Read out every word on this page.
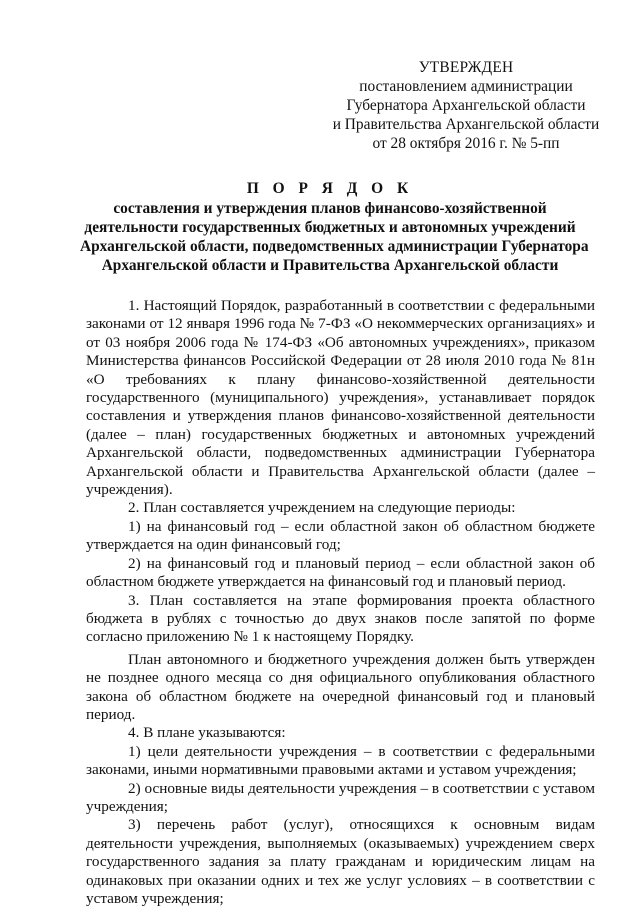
УТВЕРЖДЕН
постановлением администрации
Губернатора Архангельской области
и Правительства Архангельской области
от 28 октября 2016 г. № 5-пп
П О Р Я Д О К
составления и утверждения планов финансово-хозяйственной
деятельности государственных бюджетных и автономных учреждений
Архангельской области, подведомственных администрации Губернатора
Архангельской области и Правительства Архангельской области

1. Настоящий Порядок, разработанный в соответствии с федеральными законами от 12 января 1996 года № 7-ФЗ «О некоммерческих организациях» и от 03 ноября 2006 года № 174-ФЗ «Об автономных учреждениях», приказом Министерства финансов Российской Федерации от 28 июля 2010 года № 81н «О требованиях к плану финансово-хозяйственной деятельности государственного (муниципального) учреждения», устанавливает порядок составления и утверждения планов финансово-хозяйственной деятельности (далее – план) государственных бюджетных и автономных учреждений Архангельской области, подведомственных администрации Губернатора Архангельской области и Правительства Архангельской области (далее – учреждения).

2. План составляется учреждением на следующие периоды:

1) на финансовый год – если областной закон об областном бюджете утверждается на один финансовый год;

2) на финансовый год и плановый период – если областной закон об областном бюджете утверждается на финансовый год и плановый период.

3. План составляется на этапе формирования проекта областного бюджета в рублях с точностью до двух знаков после запятой по форме согласно приложению № 1 к настоящему Порядку.

План автономного и бюджетного учреждения должен быть утвержден не позднее одного месяца со дня официального опубликования областного закона об областном бюджете на очередной финансовый год и плановый период.

4. В плане указываются:

1) цели деятельности учреждения – в соответствии с федеральными законами, иными нормативными правовыми актами и уставом учреждения;

2) основные виды деятельности учреждения – в соответствии с уставом учреждения;

3) перечень работ (услуг), относящихся к основным видам деятельности учреждения, выполняемых (оказываемых) учреждением сверх государственного задания за плату гражданам и юридическим лицам на одинаковых при оказании одних и тех же услуг условиях – в соответствии с уставом учреждения;
